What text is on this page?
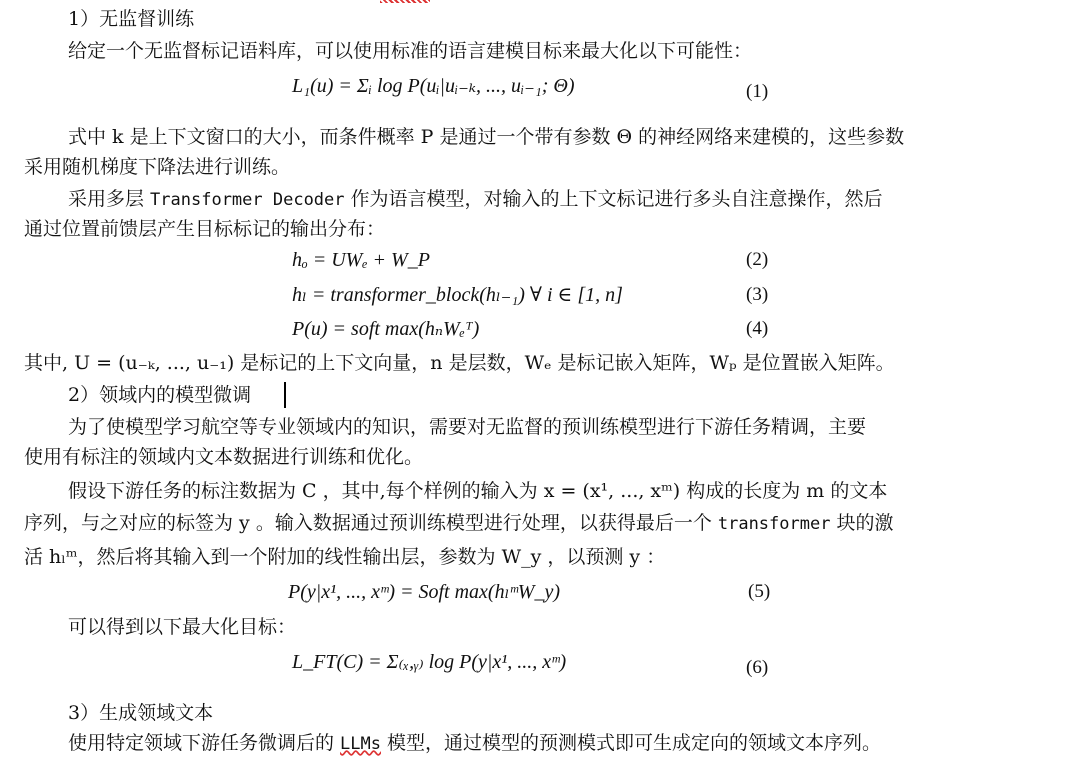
1）无监督训练
给定一个无监督标记语料库，可以使用标准的语言建模目标来最大化以下可能性：
L₁(u) = Σᵢ log P(uᵢ|uᵢ₋ₖ, ..., uᵢ₋₁; Θ)	(1)
式中 k 是上下文窗口的大小，而条件概率 P 是通过一个带有参数 Θ 的神经网络来建模的，这些参数
采用随机梯度下降法进行训练。
采用多层 Transformer Decoder 作为语言模型，对输入的上下文标记进行多头自注意操作，然后
通过位置前馈层产生目标标记的输出分布：
hₒ = UWₑ + W_P	(2)
hₗ = transformer_block(hₗ₋₁) ∀ i ∈ [1, n]	(3)
P(u) = soft max(hₙWₑᵀ)	(4)
其中, U = (u₋ₖ, ..., u₋₁) 是标记的上下文向量，n 是层数，Wₑ 是标记嵌入矩阵，Wₚ 是位置嵌入矩阵。
2）领域内的模型微调
为了使模型学习航空等专业领域内的知识，需要对无监督的预训练模型进行下游任务精调，主要
使用有标注的领域内文本数据进行训练和优化。
假设下游任务的标注数据为 C ，其中,每个样例的输入为 x = (x¹, ..., xᵐ) 构成的长度为 m 的文本
序列，与之对应的标签为 y 。输入数据通过预训练模型进行处理，以获得最后一个 transformer 块的激
活 hₗᵐ，然后将其输入到一个附加的线性输出层，参数为 W_y ，以预测 y ：
P(y|x¹, ..., xᵐ) = Soft max(hₗᵐW_y)	(5)
可以得到以下最大化目标：
L_FT(C) = Σ₍ₓ,ᵧ₎ log P(y|x¹, ..., xᵐ)	(6)
3）生成领域文本
使用特定领域下游任务微调后的 LLMs 模型，通过模型的预测模式即可生成定向的领域文本序列。
